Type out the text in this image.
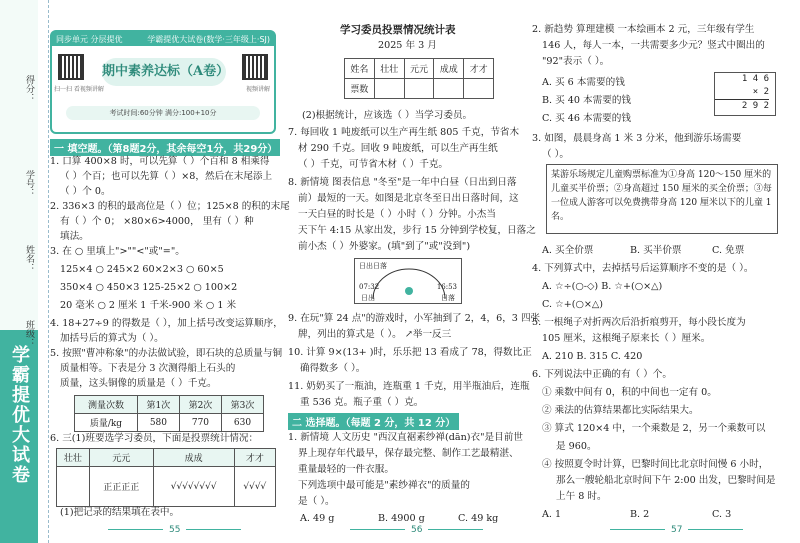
学霸提优大试卷
得分：
学号：
姓名：
班级：
同步单元 分层提优	学霸提优大试卷(数学·三年级上·SJ)
扫一扫 看视频讲解	视频讲解
期中素养达标（A卷）
考试时间:60分钟 满分:100+10分
一 填空题。（第8题2分，其余每空1分，共29分）
1. 口算 400×8 时，可以先算（ ）个百和 8 相乘得
（ ）个百；也可以先算（ ）×8，然后在末尾添上
（ ）个 0。
2. 336×3 的积的最高位是（ ）位；125×8 的积的末尾
有（ ）个 0； ×80×6>4000， 里有（ ）种
填法。
3. 在 ○ 里填上">""<"或"="。
125×4 ○ 245×2 60×2×3 ○ 60×5
350×4 ○ 450×3 125-25×2 ○ 100×2
20 毫米 ○ 2 厘米 1 千米-900 米 ○ 1 米
4. 18+27÷9 的得数是（ ），加上括号改变运算顺序，
加括号后的算式为（ ）。
5. 按照"曹冲称象"的办法做试验，即石块的总质量与铜
质量相等。下表是分 3 次测得船上石头的
质量，这头铜像的质量是（ ）千克。
测量次数	第1次	第2次	第3次
质量/kg	580	770	630
6. 三(1)班要选学习委员，下面是投票统计情况：
壮壮	元元	成成	才才
	正正正正	√√√√√√√√	√√√√
(1)把记录的结果填在表中。
55
学习委员投票情况统计表
2025 年 3 月
姓名	壮壮	元元	成成	才才
票数				
(2)根据统计，应该选（ ）当学习委员。
7. 每回收 1 吨废纸可以生产再生纸 805 千克，节省木
材 290 千克。回收 9 吨废纸，可以生产再生纸
（ ）千克，可节省木材（ ）千克。
8. 新情境 图表信息 "冬至"是一年中白昼（日出到日落
前）最短的一天。如图是北京冬至日出日落时间，这
一天白昼的时长是（ ）小时（ ）分钟。小杰当
天下午 4:15 从家出发，步行 15 分钟到学校复，日落之
前小杰（ ）外婆家。(填"到了"或"没到")
日出日落
07:32
日出
16:53
日落
9. 在玩"算 24 点"的游戏时，小军抽到了 2，4，6，3 四张
牌，列出的算式是（ ）。 ↗举一反三
10. 计算 9×(13+ )时，乐乐把 13 看成了 78，得数比正
确得数多（ ）。
11. 奶奶买了一瓶油，连瓶重 1 千克，用半瓶油后，连瓶
重 536 克。瓶子重（ ）克。
二 选择题。（每题 2 分，共 12 分）
1. 新情境 人文历史 "西汉直裾素纱禅(dān)衣"是目前世
界上现存年代最早，保存最完整、制作工艺最精湛、
重量最轻的一件衣服。
下列选项中最可能是"素纱禅衣"的质量的
是（ ）。
A. 49 g	B. 4900 g	C. 49 kg
56
2. 新趋势 算理建模 一本绘画本 2 元，三年级有学生
146 人，每人一本，一共需要多少元？竖式中圈出的
"92"表示（ ）。
A. 买 6 本需要的钱
B. 买 40 本需要的钱
C. 买 46 本需要的钱
1 4 6
× 2
2 9 2
3. 如图，晨晨身高 1 米 3 分米，他到游乐场需要
（ ）。
某游乐场规定儿童购票标准为①身高 120～150 厘米的儿童买半价票；②身高超过 150 厘米的买全价票；③每一位成人游客可以免费携带身高 120 厘米以下的儿童 1 名。
A. 买全价票	B. 买半价票	C. 免票
4. 下列算式中，去掉括号后运算顺序不变的是（ ）。
A. ☆÷(○-◇) B. ☆+(○×△)
C. ☆+(○×△)
5. 一根绳子对折两次后沿折痕剪开，每小段长度为
105 厘米，这根绳子原来长（ ）厘米。
A. 210 B. 315 C. 420
6. 下列说法中正确的有（ ）个。
① 乘数中间有 0，积的中间也一定有 0。
② 乘法的估算结果都比实际结果大。
③ 算式 120×4 中，一个乘数是 2，另一个乘数可以
是 960。
④ 按照夏令时计算，巴黎时间比北京时间慢 6 小时，
那么一艘轮船北京时间下午 2:00 出发，巴黎时间是
上午 8 时。
A. 1	B. 2	C. 3
57
